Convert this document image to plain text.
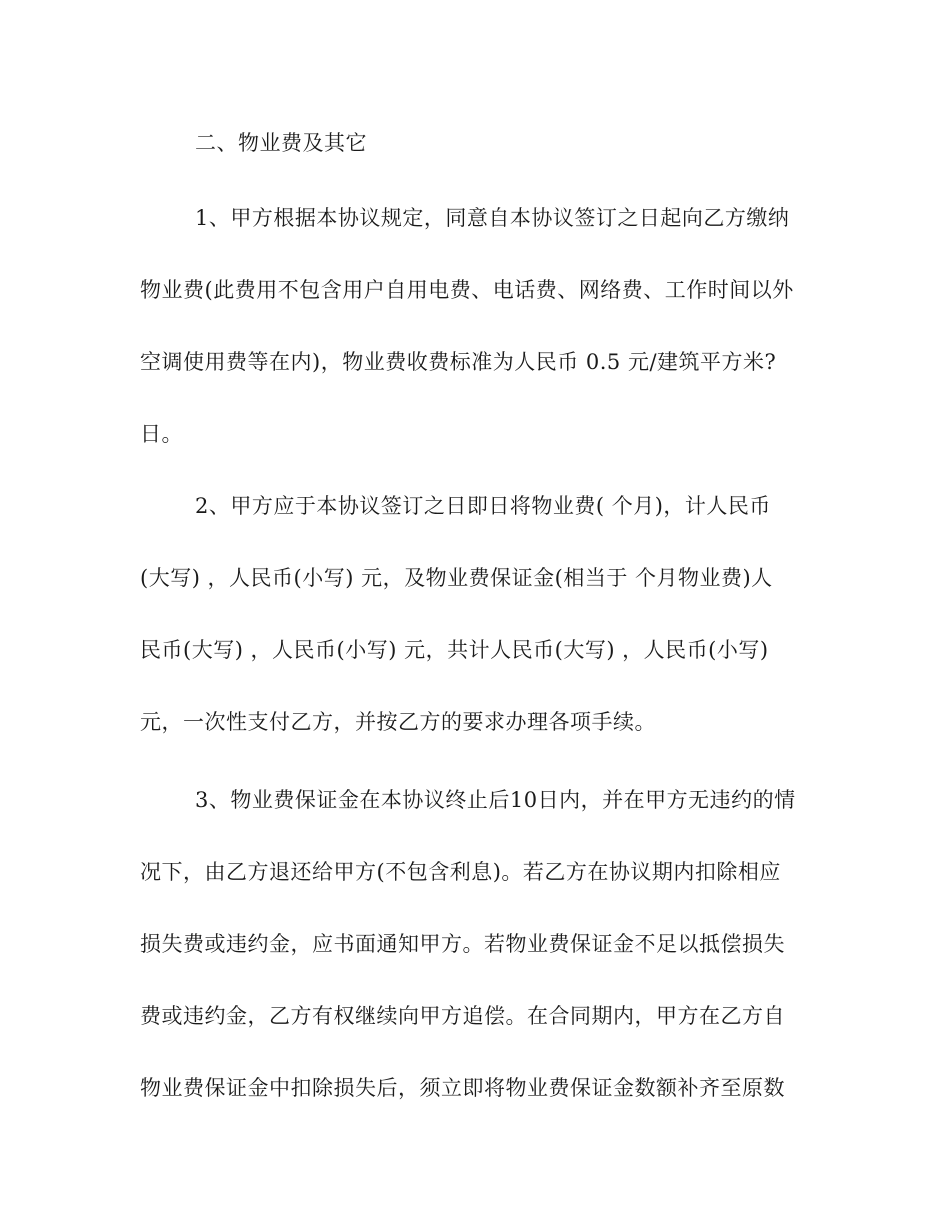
二、物业费及其它
1、甲方根据本协议规定，同意自本协议签订之日起向乙方缴纳
物业费(此费用不包含用户自用电费、电话费、网络费、工作时间以外
空调使用费等在内)，物业费收费标准为人民币 0.5 元/建筑平方米?
日。
2、甲方应于本协议签订之日即日将物业费( 个月)，计人民币
(大写) ，人民币(小写) 元，及物业费保证金(相当于 个月物业费)人
民币(大写) ，人民币(小写) 元，共计人民币(大写) ，人民币(小写)
元，一次性支付乙方，并按乙方的要求办理各项手续。
3、物业费保证金在本协议终止后10日内，并在甲方无违约的情
况下，由乙方退还给甲方(不包含利息)。若乙方在协议期内扣除相应
损失费或违约金，应书面通知甲方。若物业费保证金不足以抵偿损失
费或违约金，乙方有权继续向甲方追偿。在合同期内，甲方在乙方自
物业费保证金中扣除损失后，须立即将物业费保证金数额补齐至原数
